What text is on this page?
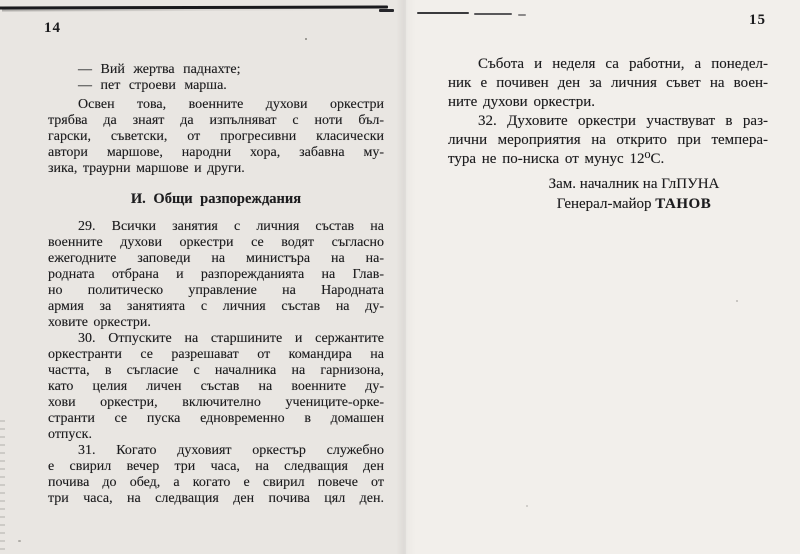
14
— Вий жертва паднахте;
— пет строеви марша.
Освен това, военните духови оркестри
трябва да знаят да изпълняват с ноти бъл-
гарски, съветски, от прогресивни класически
автори маршове, народни хора, забавна му-
зика, траурни маршове и други.
И. Общи разпореждания
29. Всички занятия с личния състав на
военните духови оркестри се водят съгласно
ежегодните заповеди на министъра на на-
родната отбрана и разпорежданията на Глав-
но политическо управление на Народната
армия за занятията с личния състав на ду-
ховите оркестри.
30. Отпуските на старшините и сержантите
оркестранти се разрешават от командира на
частта, в съгласие с началника на гарнизона,
като целия личен състав на военните ду-
хови оркестри, включително учениците-орке-
странти се пуска едновременно в домашен
отпуск.
31. Когато духовият оркестър служебно
е свирил вечер три часа, на следващия ден
почива до обед, а когато е свирил повече от
три часа, на следващия ден почива цял ден.
15
Събота и неделя са работни, а понедел-
ник е почивен ден за личния съвет на воен-
ните духови оркестри.
32. Духовите оркестри участвуват в раз-
лични мероприятия на открито при темпера-
тура не по-ниска от мунус 12⁰С.
Зам. началник на ГлПУНА
Генерал-майор ТАНОВ
